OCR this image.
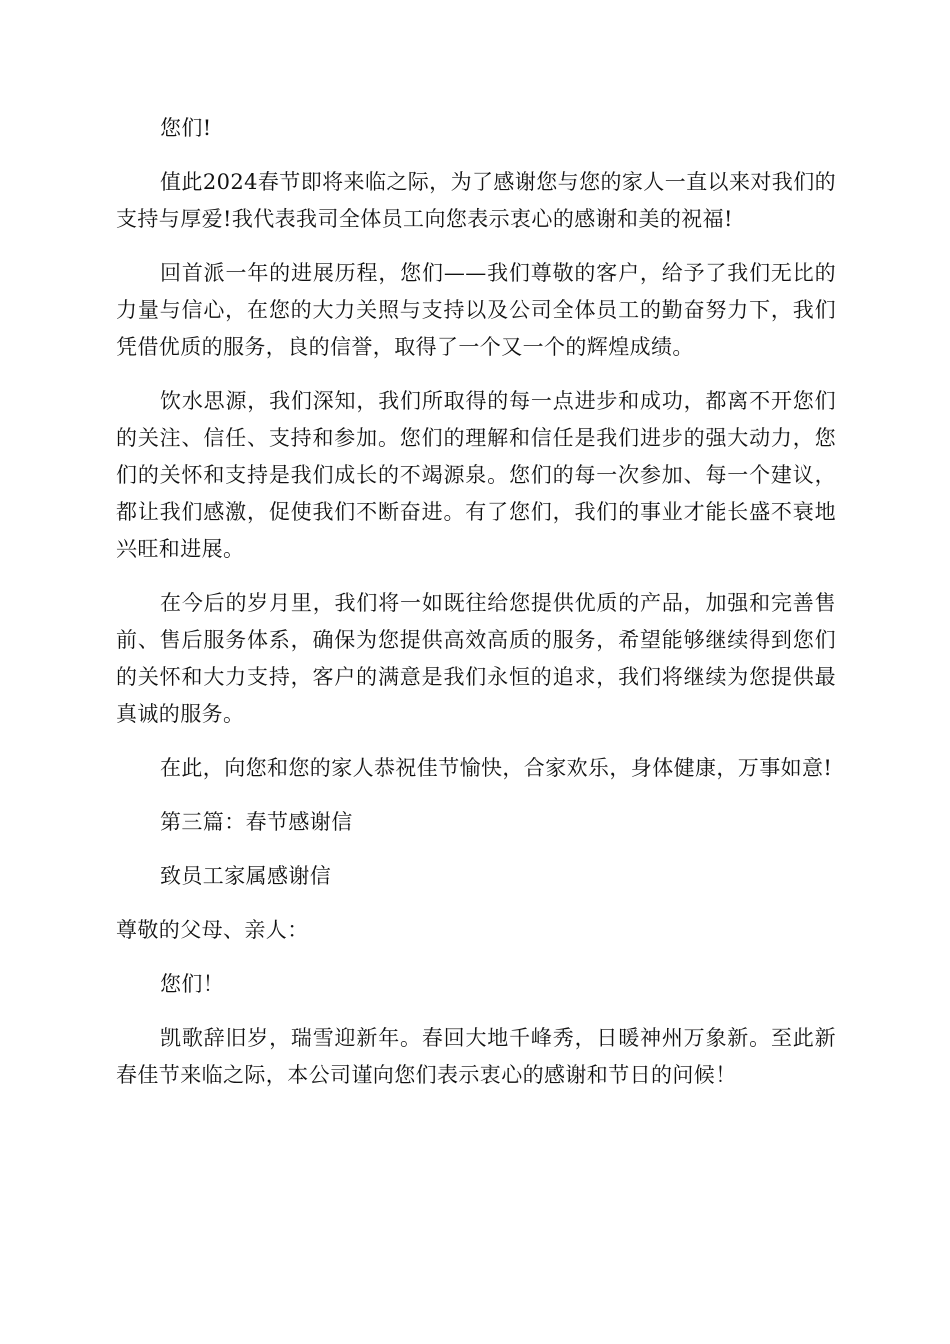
您们!

值此2024春节即将来临之际，为了感谢您与您的家人一直以来对我们的支持与厚爱!我代表我司全体员工向您表示衷心的感谢和美的祝福!

回首派一年的进展历程，您们——我们尊敬的客户，给予了我们无比的力量与信心，在您的大力关照与支持以及公司全体员工的勤奋努力下，我们凭借优质的服务，良的信誉，取得了一个又一个的辉煌成绩。

饮水思源，我们深知，我们所取得的每一点进步和成功，都离不开您们的关注、信任、支持和参加。您们的理解和信任是我们进步的强大动力，您们的关怀和支持是我们成长的不竭源泉。您们的每一次参加、每一个建议，都让我们感激，促使我们不断奋进。有了您们，我们的事业才能长盛不衰地兴旺和进展。

在今后的岁月里，我们将一如既往给您提供优质的产品，加强和完善售前、售后服务体系，确保为您提供高效高质的服务，希望能够继续得到您们的关怀和大力支持，客户的满意是我们永恒的追求，我们将继续为您提供最真诚的服务。

在此，向您和您的家人恭祝佳节愉快，合家欢乐，身体健康，万事如意!

第三篇：春节感谢信

致员工家属感谢信

尊敬的父母、亲人：

您们！

凯歌辞旧岁，瑞雪迎新年。春回大地千峰秀，日暖神州万象新。至此新春佳节来临之际，本公司谨向您们表示衷心的感谢和节日的问候！
